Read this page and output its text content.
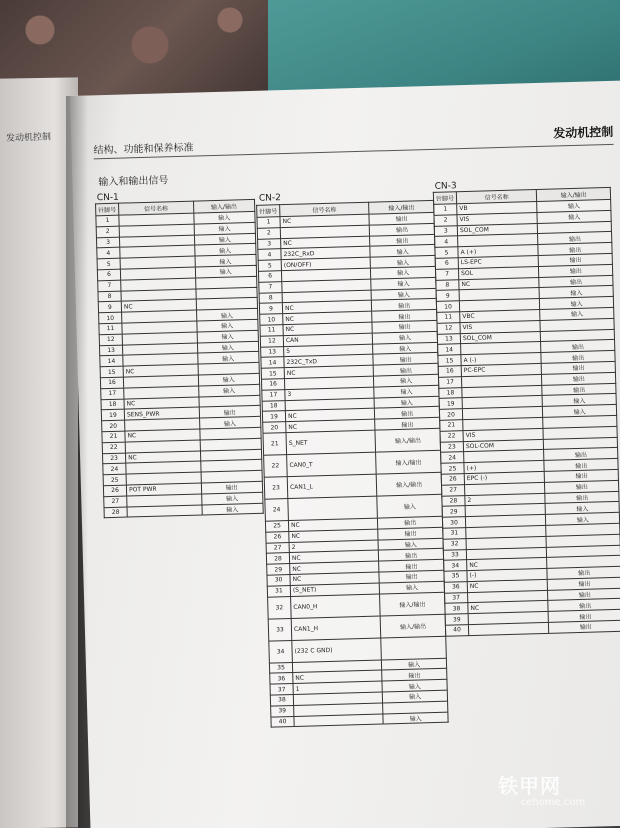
发动机控制
结构、功能和保养标准
发动机控制
输入和输出信号
CN-1	CN-2
CN-3
针脚号	信号名称	输入/输出
1		输入
2		输入
3		输入
4		输入
5		输入
6		输入
7		
8		
9	NC	
10		输入
11		输入
12		输入
13		输入
14		输入
15	NC	
16		输入
17		输入
18	NC	
19	SENS_PWR	输出
20		输入
21	NC	
22		
23	NC	
24		
25		
26	POT PWR	输出
27		输入
28		输入
针脚号	信号名称	输入/输出
1	NC	输出
2		输出
3	NC	输出
4	232C_RxD	输入
5	(ON/OFF)	输入
6		输入
7		输入
8		输入
9	NC	输出
10	NC	输出
11	NC	输出
12	CAN	输入
13	5	输入
14	232C_TxD	输出
15	NC	输出
16		输入
17	3	输入
18		输入
19	NC	输出
20	NC	输出
21	S_NET	输入/输出
22	CAN0_T	输入/输出
23	CAN1_L	输入/输出
24		输入
25	NC	输出
26	NC	输出
27	2	输入
28	NC	输出
29	NC	输出
30	NC	输出
31	(S_NET)	输入
32	CAN0_H	输入/输出
33	CAN1_H	输入/输出
34	(232 C GND)	
35		输入
36	NC	输出
37	1	输入
38		输入
39		
40		输入
针脚号	信号名称	输入/输出
1	VB	输入
2	VIS	输入
3	SOL_COM	
4		输出
5	A (+)	输出
6	LS-EPC	输出
7	SOL	输出
8	NC	输出
9		输入
10		输入
11	VBC	输入
12	VIS	
13	SOL_COM	
14		输出
15	A (-)	输出
16	PC-EPC	输出
17		输出
18		输出
19		输入
20		输入
21		
22	VIS	
23	SOL-COM	
24		输出
25	(+)	输出
26	EPC (-)	输出
27		输出
28	2	输出
29		输入
30		输入
31		
32		
33		
34	NC	
35	(-)	输出
36	NC	输出
37		输出
38	NC	输出
39		输出
40		输出
铁甲网
cehome.com
